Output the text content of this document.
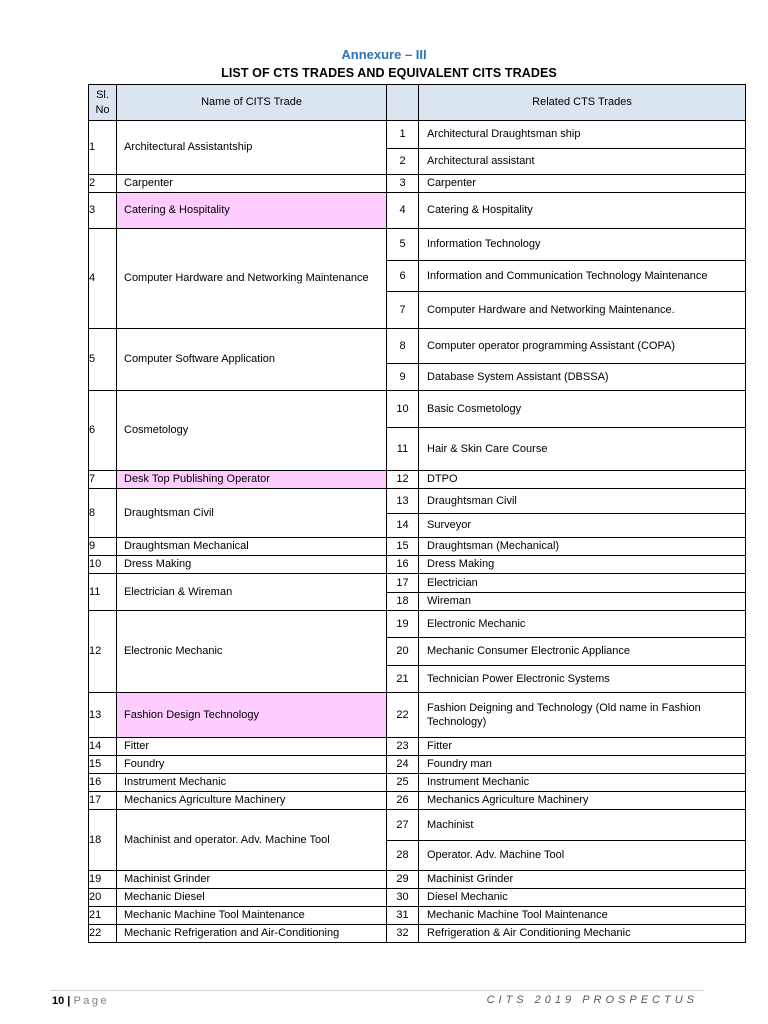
Annexure – III
LIST OF CTS TRADES AND EQUIVALENT CITS TRADES
Sl.
No	Name of CITS Trade		Related CTS Trades
1	Architectural Assistantship	1	Architectural Draughtsman ship
		2	Architectural assistant
2	Carpenter	3	Carpenter
3	Catering & Hospitality	4	Catering & Hospitality
4	Computer Hardware and Networking Maintenance	5	Information Technology
		6	Information and Communication Technology Maintenance
		7	Computer Hardware and Networking Maintenance.
5	Computer Software Application	8	Computer operator programming Assistant (COPA)
		9	Database System Assistant (DBSSA)
6	Cosmetology	10	Basic Cosmetology
		11	Hair & Skin Care Course
7	Desk Top Publishing Operator	12	DTPO
8	Draughtsman Civil	13	Draughtsman Civil
		14	Surveyor
9	Draughtsman Mechanical	15	Draughtsman (Mechanical)
10	Dress Making	16	Dress Making
11	Electrician & Wireman	17	Electrician
		18	Wireman
12	Electronic Mechanic	19	Electronic Mechanic
		20	Mechanic Consumer Electronic Appliance
		21	Technician Power Electronic Systems
13	Fashion Design Technology	22	Fashion Deigning and Technology (Old name in Fashion Technology)
14	Fitter	23	Fitter
15	Foundry	24	Foundry man
16	Instrument Mechanic	25	Instrument Mechanic
17	Mechanics Agriculture Machinery	26	Mechanics Agriculture Machinery
18	Machinist and operator. Adv. Machine Tool	27	Machinist
		28	Operator. Adv. Machine Tool
19	Machinist Grinder	29	Machinist Grinder
20	Mechanic Diesel	30	Diesel Mechanic
21	Mechanic Machine Tool Maintenance	31	Mechanic Machine Tool Maintenance
22	Mechanic Refrigeration and Air-Conditioning	32	Refrigeration & Air Conditioning Mechanic
10 | Page	CITS 2019 PROSPECTUS
